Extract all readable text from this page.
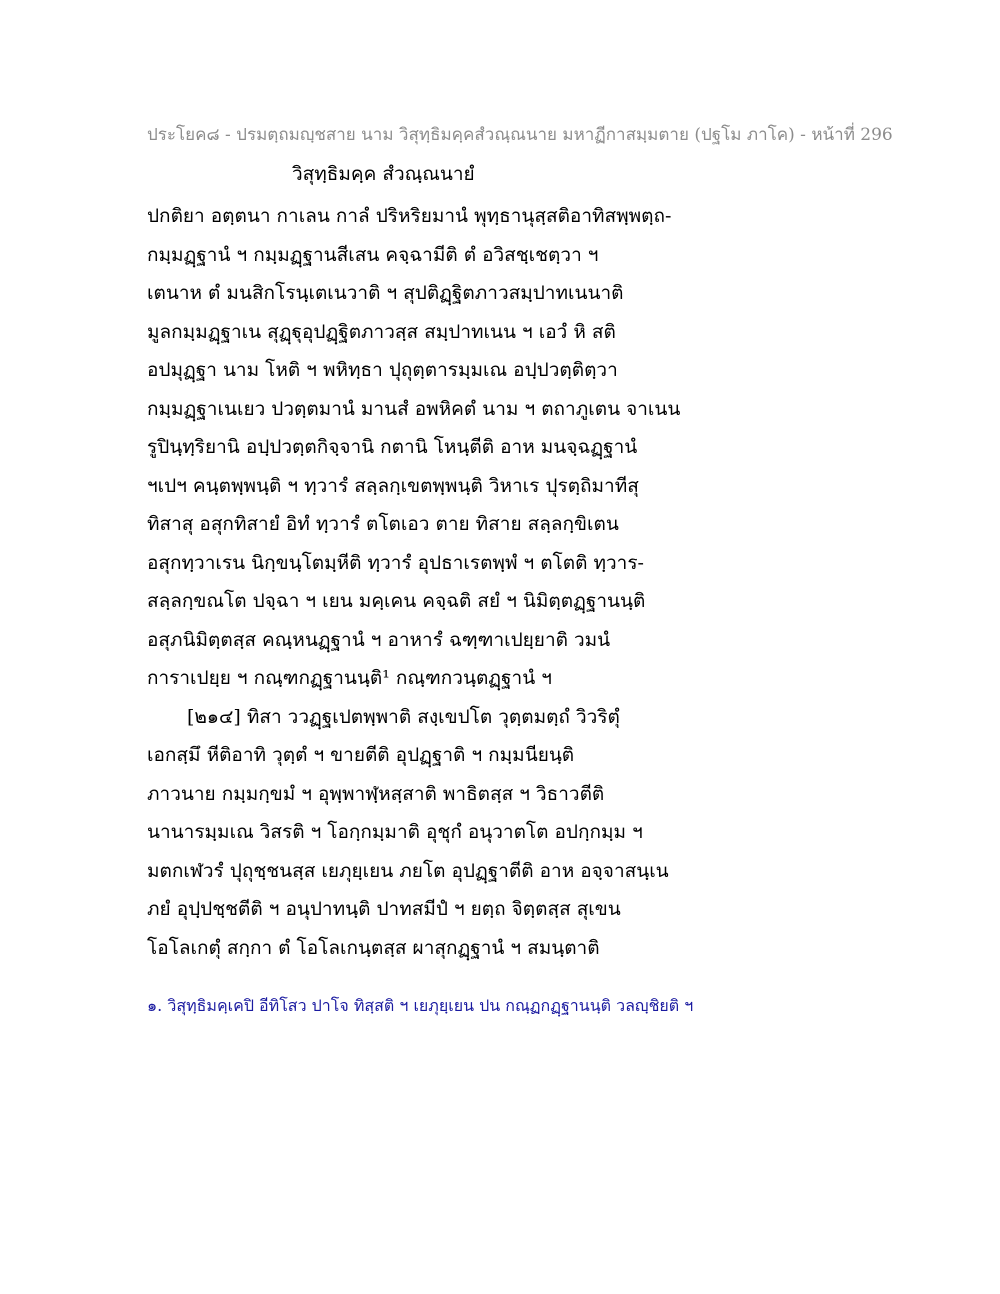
ประโยค๘ - ปรมตฺถมญฺชสาย นาม วิสุทฺธิมคฺคสํวณฺณนาย มหาฏีกาสมฺมตาย (ปฐโม ภาโค) - หน้าที่ 296
วิสุทฺธิมคฺค สํวณฺณนายํ
ปกติยา อตฺตนา กาเลน กาลํ ปริหริยมานํ พุทฺธานุสฺสติอาทิสพฺพตฺถ-
กมฺมฏฺฐานํ ฯ กมฺมฏฺฐานสีเสน คจฺฉามีติ ตํ อวิสชฺเชตฺวา ฯ
เตนาห ตํ มนสิกโรนฺเตเนวาติ ฯ สุปติฏฺฐิตภาวสมฺปาทเนนาติ
มูลกมฺมฏฺฐาเน สุฏฺฐุอุปฏฺฐิตภาวสฺส สมฺปาทเนน ฯ เอวํ หิ สติ
อปมุฏฺฐา นาม โหติ ฯ พหิทฺธา ปุถุตฺตารมฺมเณ อปฺปวตฺติตฺวา
กมฺมฏฺฐาเนเยว ปวตฺตมานํ มานสํ อพหิคตํ นาม ฯ ตถาภูเตน จาเนน
รูปินฺทฺริยานิ อปฺปวตฺตกิจฺจานิ กตานิ โหนฺตีติ อาห มนจฺฉฏฺฐานํ
ฯเปฯ คนฺตพฺพนฺติ ฯ ทฺวารํ สลฺลกฺเขตพฺพนฺติ วิหาเร ปุรตฺถิมาทีสุ
ทิสาสุ อสุกทิสายํ อิทํ ทฺวารํ ตโตเอว ตาย ทิสาย สลฺลกฺขิเตน
อสุกทฺวาเรน นิกฺขนฺโตมฺหีติ ทฺวารํ อุปธาเรตพฺพํ ฯ ตโตติ ทฺวาร-
สลฺลกฺขณโต ปจฺฉา ฯ เยน มคฺเคน คจฺฉติ สยํ ฯ นิมิตฺตฏฺฐานนฺติ
อสุภนิมิตฺตสฺส คณฺหนฏฺฐานํ ฯ อาหารํ ฉฑฺฑาเปยฺยาติ วมนํ
การาเปยฺย ฯ กณฺฑกฏฺฐานนฺติ¹ กณฺฑกวนฺตฏฺฐานํ ฯ
[๒๑๔] ทิสา ววฏฺฐเปตพฺพาติ สงฺเขปโต วุตฺตมตฺถํ วิวริตุํ
เอกสฺมึ หีติอาทิ วุตฺตํ ฯ ขายตีติ อุปฏฺฐาติ ฯ กมฺมนียนฺติ
ภาวนาย กมฺมกฺขมํ ฯ อุพฺพาฬฺหสฺสาติ พาธิตสฺส ฯ วิธาวตีติ
นานารมฺมเณ วิสรติ ฯ โอกฺกมฺมาติ อุชุกํ อนุวาตโต อปกฺกมฺม ฯ
มตกเฬวรํ ปุถุชฺชนสฺส เยภุยฺเยน ภยโต อุปฏฺฐาตีติ อาห อจฺจาสนฺเน
ภยํ อุปฺปชฺชตีติ ฯ อนุปาทนฺติ ปาทสมีปํ ฯ ยตฺถ จิตฺตสฺส สุเขน
โอโลเกตุํ สกฺกา ตํ โอโลเกนฺตสฺส ผาสุกฏฺฐานํ ฯ สมนฺตาติ
๑. วิสุทฺธิมคฺเคปิ อีทิโสว ปาโจ ทิสฺสติ ฯ เยภุยฺเยน ปน กณฺฏกฏฺฐานนฺติ วลญฺชิยติ ฯ
